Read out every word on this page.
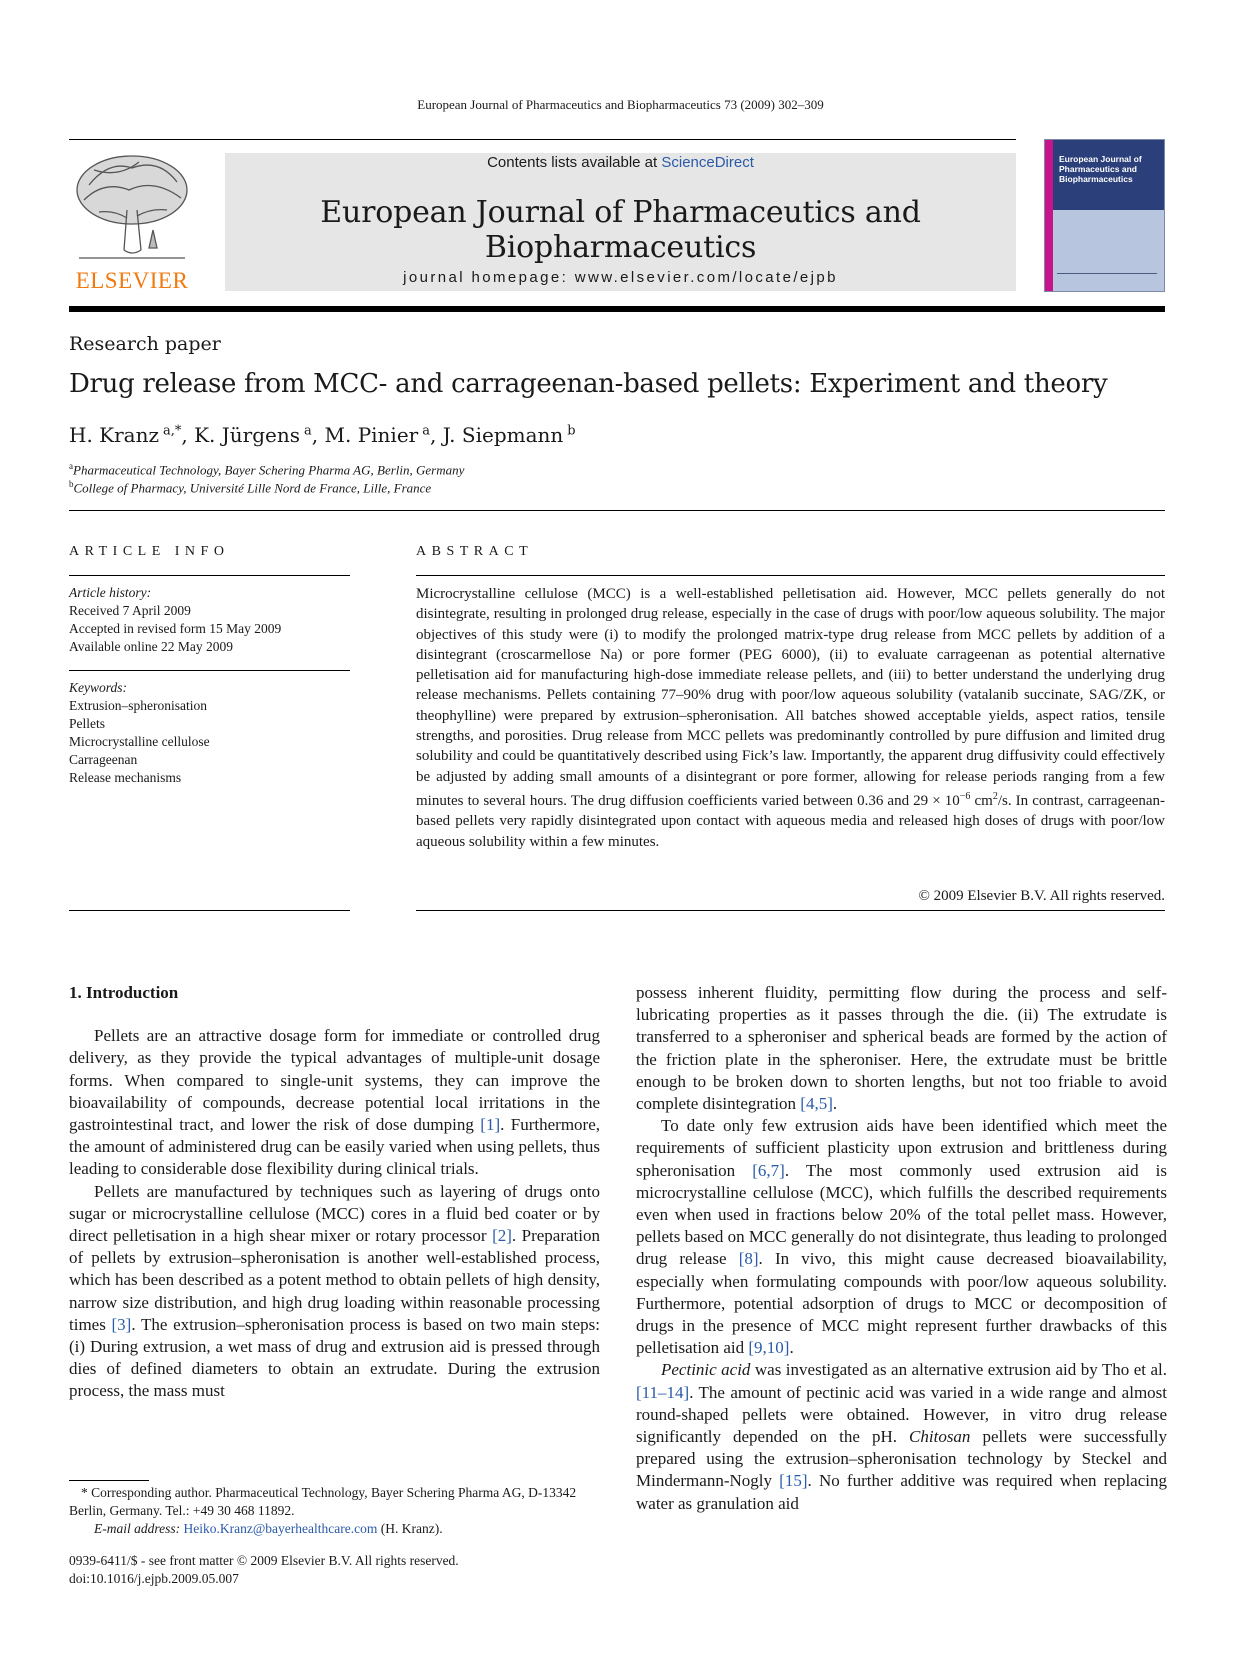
European Journal of Pharmaceutics and Biopharmaceutics 73 (2009) 302–309
ELSEVIER
Contents lists available at ScienceDirect
European Journal of Pharmaceutics and Biopharmaceutics
journal homepage: www.elsevier.com/locate/ejpb
European Journal of Pharmaceutics and Biopharmaceutics
Research paper
Drug release from MCC- and carrageenan-based pellets: Experiment and theory
H. Kranz  $^{a,*}$, K. Jürgens  $^a$, M. Pinier  $^a$, J. Siepmann  $^b$
$^a$Pharmaceutical Technology, Bayer Schering Pharma AG, Berlin, Germany
$^b$College of Pharmacy, Université Lille Nord de France, Lille, France
ARTICLE INFO	ABSTRACT
Article history:
Received 7 April 2009
Accepted in revised form 15 May 2009
Available online 22 May 2009
Keywords:
Extrusion–spheronisation
Pellets
Microcrystalline cellulose
Carrageenan
Release mechanisms
Microcrystalline cellulose (MCC) is a well-established pelletisation aid. However, MCC pellets generally do not disintegrate, resulting in prolonged drug release, especially in the case of drugs with poor/low aqueous solubility. The major objectives of this study were (i) to modify the prolonged matrix-type drug release from MCC pellets by addition of a disintegrant (croscarmellose Na) or pore former (PEG 6000), (ii) to evaluate carrageenan as potential alternative pelletisation aid for manufacturing high-dose immediate release pellets, and (iii) to better understand the underlying drug release mechanisms. Pellets containing 77–90% drug with poor/low aqueous solubility (vatalanib succinate, SAG/ZK, or theophylline) were prepared by extrusion–spheronisation. All batches showed acceptable yields, aspect ratios, tensile strengths, and porosities. Drug release from MCC pellets was predominantly controlled by pure diffusion and limited drug solubility and could be quantitatively described using Fick’s law. Importantly, the apparent drug diffusivity could effectively be adjusted by adding small amounts of a disintegrant or pore former, allowing for release periods ranging from a few minutes to several hours. The drug diffusion coefficients varied between 0.36 and $29 \times 10^{-6}$ $cm^2/s$. In contrast, carrageenan-based pellets very rapidly disintegrated upon contact with aqueous media and released high doses of drugs with poor/low aqueous solubility within a few minutes.
© 2009 Elsevier B.V. All rights reserved.
1. Introduction

Pellets are an attractive dosage form for immediate or controlled drug delivery, as they provide the typical advantages of multiple-unit dosage forms. When compared to single-unit systems, they can improve the bioavailability of compounds, decrease potential local irritations in the gastrointestinal tract, and lower the risk of dose dumping [1]. Furthermore, the amount of administered drug can be easily varied when using pellets, thus leading to considerable dose flexibility during clinical trials.

Pellets are manufactured by techniques such as layering of drugs onto sugar or microcrystalline cellulose (MCC) cores in a fluid bed coater or by direct pelletisation in a high shear mixer or rotary processor [2]. Preparation of pellets by extrusion–spheronisation is another well-established process, which has been described as a potent method to obtain pellets of high density, narrow size distribution, and high drug loading within reasonable processing times [3]. The extrusion–spheronisation process is based on two main steps: (i) During extrusion, a wet mass of drug and extrusion aid is pressed through dies of defined diameters to obtain an extrudate. During the extrusion process, the mass must

possess inherent fluidity, permitting flow during the process and self-lubricating properties as it passes through the die. (ii) The extrudate is transferred to a spheroniser and spherical beads are formed by the action of the friction plate in the spheroniser. Here, the extrudate must be brittle enough to be broken down to shorten lengths, but not too friable to avoid complete disintegration [4,5].

To date only few extrusion aids have been identified which meet the requirements of sufficient plasticity upon extrusion and brittleness during spheronisation [6,7]. The most commonly used extrusion aid is microcrystalline cellulose (MCC), which fulfills the described requirements even when used in fractions below 20% of the total pellet mass. However, pellets based on MCC generally do not disintegrate, thus leading to prolonged drug release [8]. In vivo, this might cause decreased bioavailability, especially when formulating compounds with poor/low aqueous solubility. Furthermore, potential adsorption of drugs to MCC or decomposition of drugs in the presence of MCC might represent further drawbacks of this pelletisation aid [9,10].

Pectinic acid was investigated as an alternative extrusion aid by Tho et al. [11–14]. The amount of pectinic acid was varied in a wide range and almost round-shaped pellets were obtained. However, in vitro drug release significantly depended on the pH. Chitosan pellets were successfully prepared using the extrusion–spheronisation technology by Steckel and Mindermann-Nogly [15]. No further additive was required when replacing water as granulation aid

* Corresponding author. Pharmaceutical Technology, Bayer Schering Pharma AG, D-13342 Berlin, Germany. Tel.: +49 30 468 11892.
E-mail address: Heiko.Kranz@bayerhealthcare.com (H. Kranz).
0939-6411/$ - see front matter © 2009 Elsevier B.V. All rights reserved.
doi:10.1016/j.ejpb.2009.05.007
